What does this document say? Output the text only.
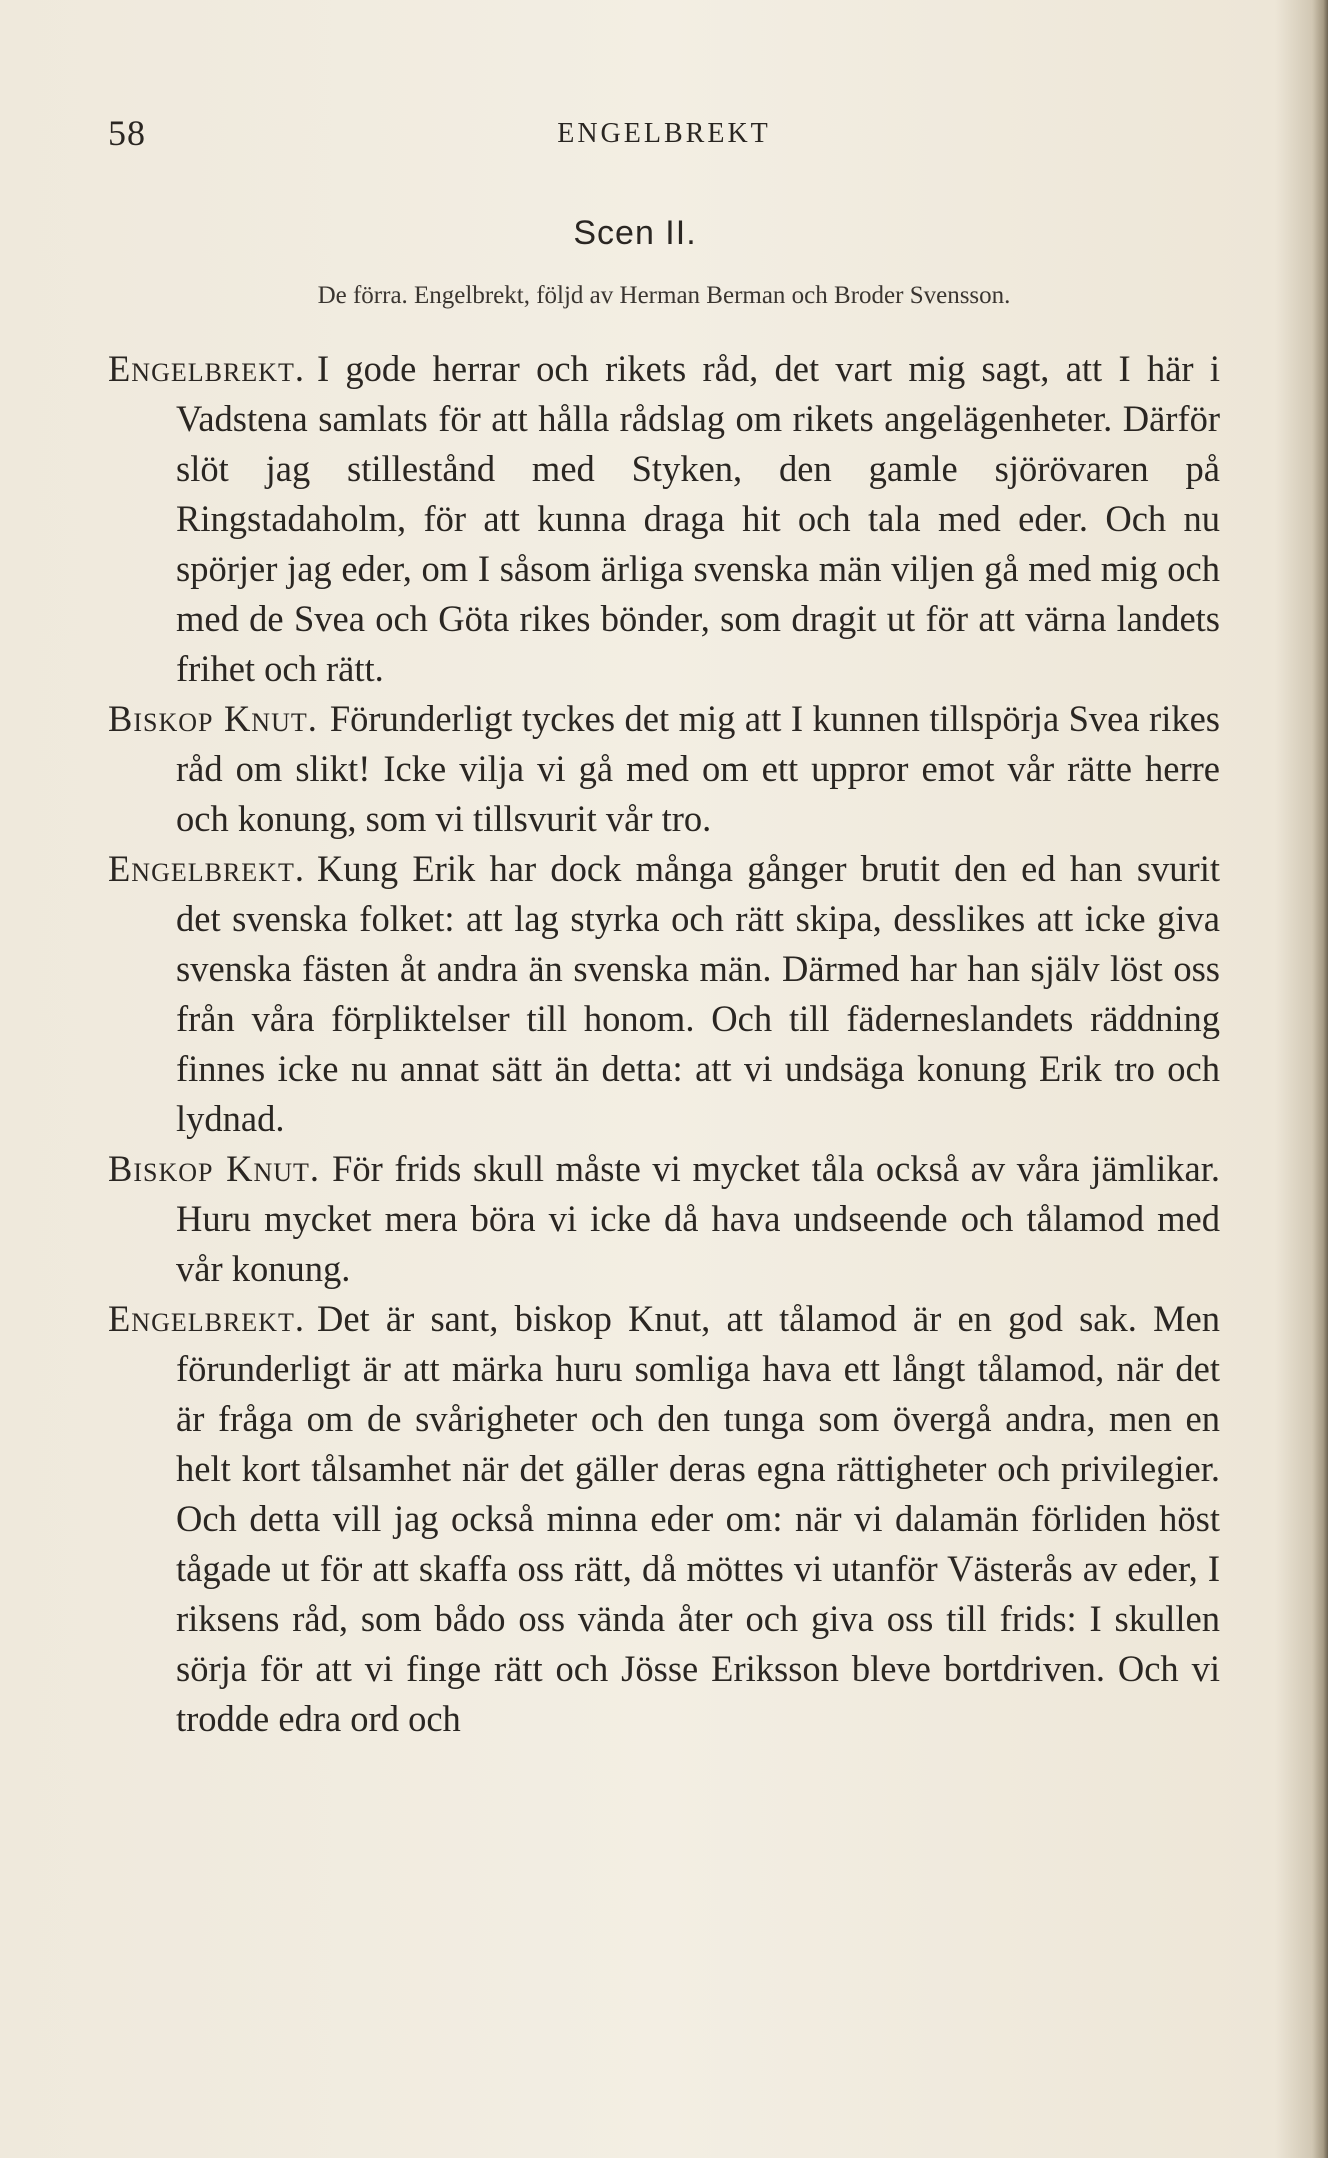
58	ENGELBREKT
Scen II.
De förra. Engelbrekt, följd av Herman Berman och Broder Svensson.

Engelbrekt. I gode herrar och rikets råd, det vart mig sagt, att I här i Vadstena samlats för att hålla rådslag om rikets angelägenheter. Därför slöt jag stillestånd med Styken, den gamle sjörövaren på Ringstadaholm, för att kunna draga hit och tala med eder. Och nu spörjer jag eder, om I såsom ärliga svenska män viljen gå med mig och med de Svea och Göta rikes bönder, som dragit ut för att värna landets frihet och rätt.

Biskop Knut. Förunderligt tyckes det mig att I kunnen tillspörja Svea rikes råd om slikt! Icke vilja vi gå med om ett uppror emot vår rätte herre och konung, som vi tillsvurit vår tro.

Engelbrekt. Kung Erik har dock många gånger brutit den ed han svurit det svenska folket: att lag styrka och rätt skipa, desslikes att icke giva svenska fästen åt andra än svenska män. Därmed har han själv löst oss från våra förpliktelser till honom. Och till fäderneslandets räddning finnes icke nu annat sätt än detta: att vi undsäga konung Erik tro och lydnad.

Biskop Knut. För frids skull måste vi mycket tåla också av våra jämlikar. Huru mycket mera böra vi icke då hava undseende och tålamod med vår konung.

Engelbrekt. Det är sant, biskop Knut, att tålamod är en god sak. Men förunderligt är att märka huru somliga hava ett långt tålamod, när det är fråga om de svårigheter och den tunga som övergå andra, men en helt kort tålsamhet när det gäller deras egna rättigheter och privilegier. Och detta vill jag också minna eder om: när vi dalamän förliden höst tågade ut för att skaffa oss rätt, då möttes vi utanför Västerås av eder, I riksens råd, som bådo oss vända åter och giva oss till frids: I skullen sörja för att vi finge rätt och Jösse Eriksson bleve bortdriven. Och vi trodde edra ord och
